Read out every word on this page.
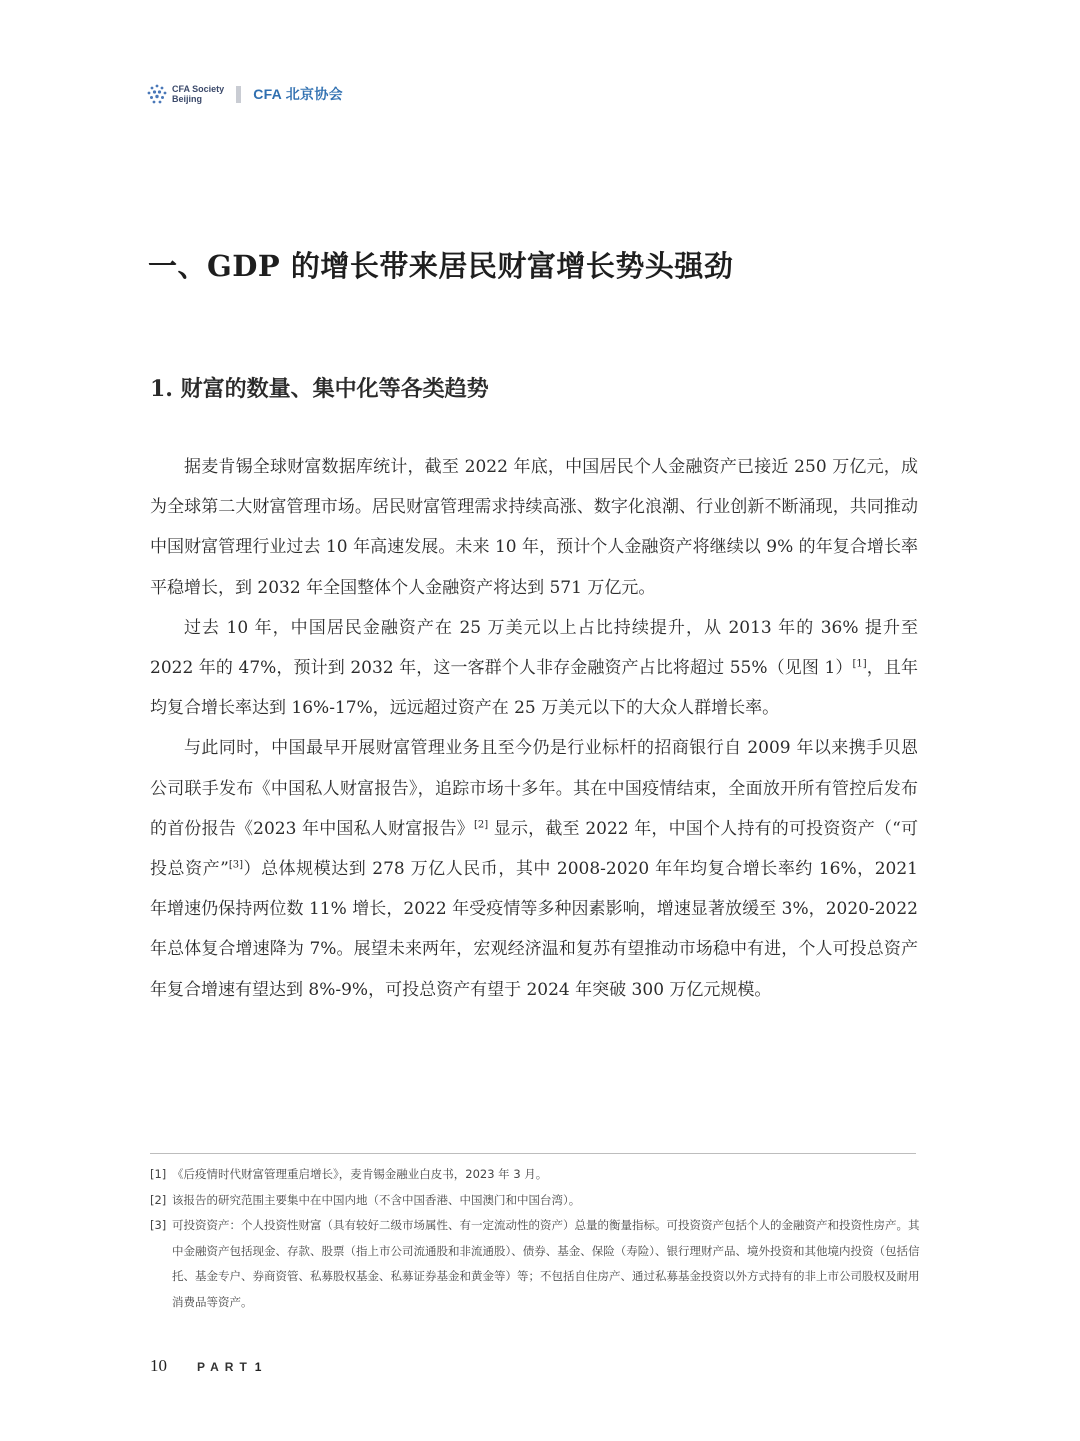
CFA Society
Beijing	CFA 北京协会
一、GDP 的增长带来居民财富增长势头强劲
1. 财富的数量、集中化等各类趋势

据麦肯锡全球财富数据库统计，截至 2022 年底，中国居民个人金融资产已接近 250 万亿元，成为全球第二大财富管理市场。居民财富管理需求持续高涨、数字化浪潮、行业创新不断涌现，共同推动中国财富管理行业过去 10 年高速发展。未来 10 年，预计个人金融资产将继续以 9% 的年复合增长率平稳增长，到 2032 年全国整体个人金融资产将达到 571 万亿元。

过去 10 年，中国居民金融资产在 25 万美元以上占比持续提升，从 2013 年的 36% 提升至 2022 年的 47%，预计到 2032 年，这一客群个人非存金融资产占比将超过 55%（见图 1）[1]，且年均复合增长率达到 16%-17%，远远超过资产在 25 万美元以下的大众人群增长率。

与此同时，中国最早开展财富管理业务且至今仍是行业标杆的招商银行自 2009 年以来携手贝恩公司联手发布《中国私人财富报告》，追踪市场十多年。其在中国疫情结束，全面放开所有管控后发布的首份报告《2023 年中国私人财富报告》[2] 显示，截至 2022 年，中国个人持有的可投资资产（“可投总资产”[3]）总体规模达到 278 万亿人民币，其中 2008-2020 年年均复合增长率约 16%，2021 年增速仍保持两位数 11% 增长，2022 年受疫情等多种因素影响，增速显著放缓至 3%，2020-2022 年总体复合增速降为 7%。展望未来两年，宏观经济温和复苏有望推动市场稳中有进，个人可投总资产年复合增速有望达到 8%-9%，可投总资产有望于 2024 年突破 300 万亿元规模。

[1] 《后疫情时代财富管理重启增长》，麦肯锡金融业白皮书，2023 年 3 月。
[2] 该报告的研究范围主要集中在中国内地（不含中国香港、中国澳门和中国台湾）。
[3] 可投资资产：个人投资性财富（具有较好二级市场属性、有一定流动性的资产）总量的衡量指标。可投资资产包括个人的金融资产和投资性房产。其中金融资产包括现金、存款、股票（指上市公司流通股和非流通股）、债券、基金、保险（寿险）、银行理财产品、境外投资和其他境内投资（包括信托、基金专户、券商资管、私募股权基金、私募证券基金和黄金等）等；不包括自住房产、通过私募基金投资以外方式持有的非上市公司股权及耐用消费品等资产。
10	PART 1
